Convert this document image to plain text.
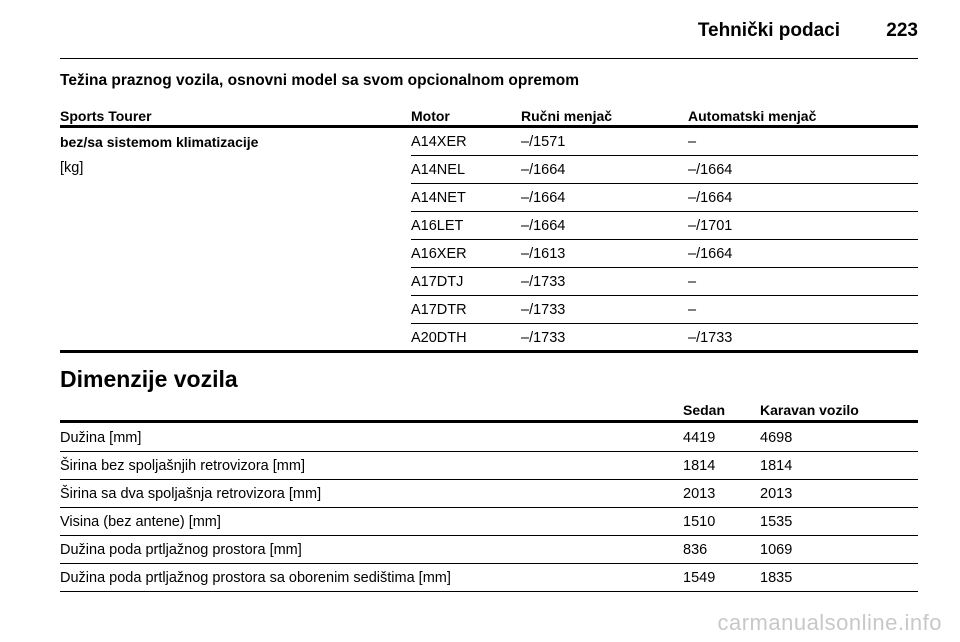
Tehnički podaci 223
Težina praznog vozila, osnovni model sa svom opcionalnom opremom
Sports Tourer	Motor	Ručni menjač	Automatski menjač
bez/sa sistemom klimatizacije
[kg]
A14XER	–/1571	–
A14NEL	–/1664	–/1664
A14NET	–/1664	–/1664
A16LET	–/1664	–/1701
A16XER	–/1613	–/1664
A17DTJ	–/1733	–
A17DTR	–/1733	–
A20DTH	–/1733	–/1733
Dimenzije vozila
Sedan Karavan vozilo
Dužina [mm]	4419	4698
Širina bez spoljašnjih retrovizora [mm]	1814	1814
Širina sa dva spoljašnja retrovizora [mm]	2013	2013
Visina (bez antene) [mm]	1510	1535
Dužina poda prtljažnog prostora [mm]	836	1069
Dužina poda prtljažnog prostora sa oborenim sedištima [mm]	1549	1835
carmanualsonline.info
